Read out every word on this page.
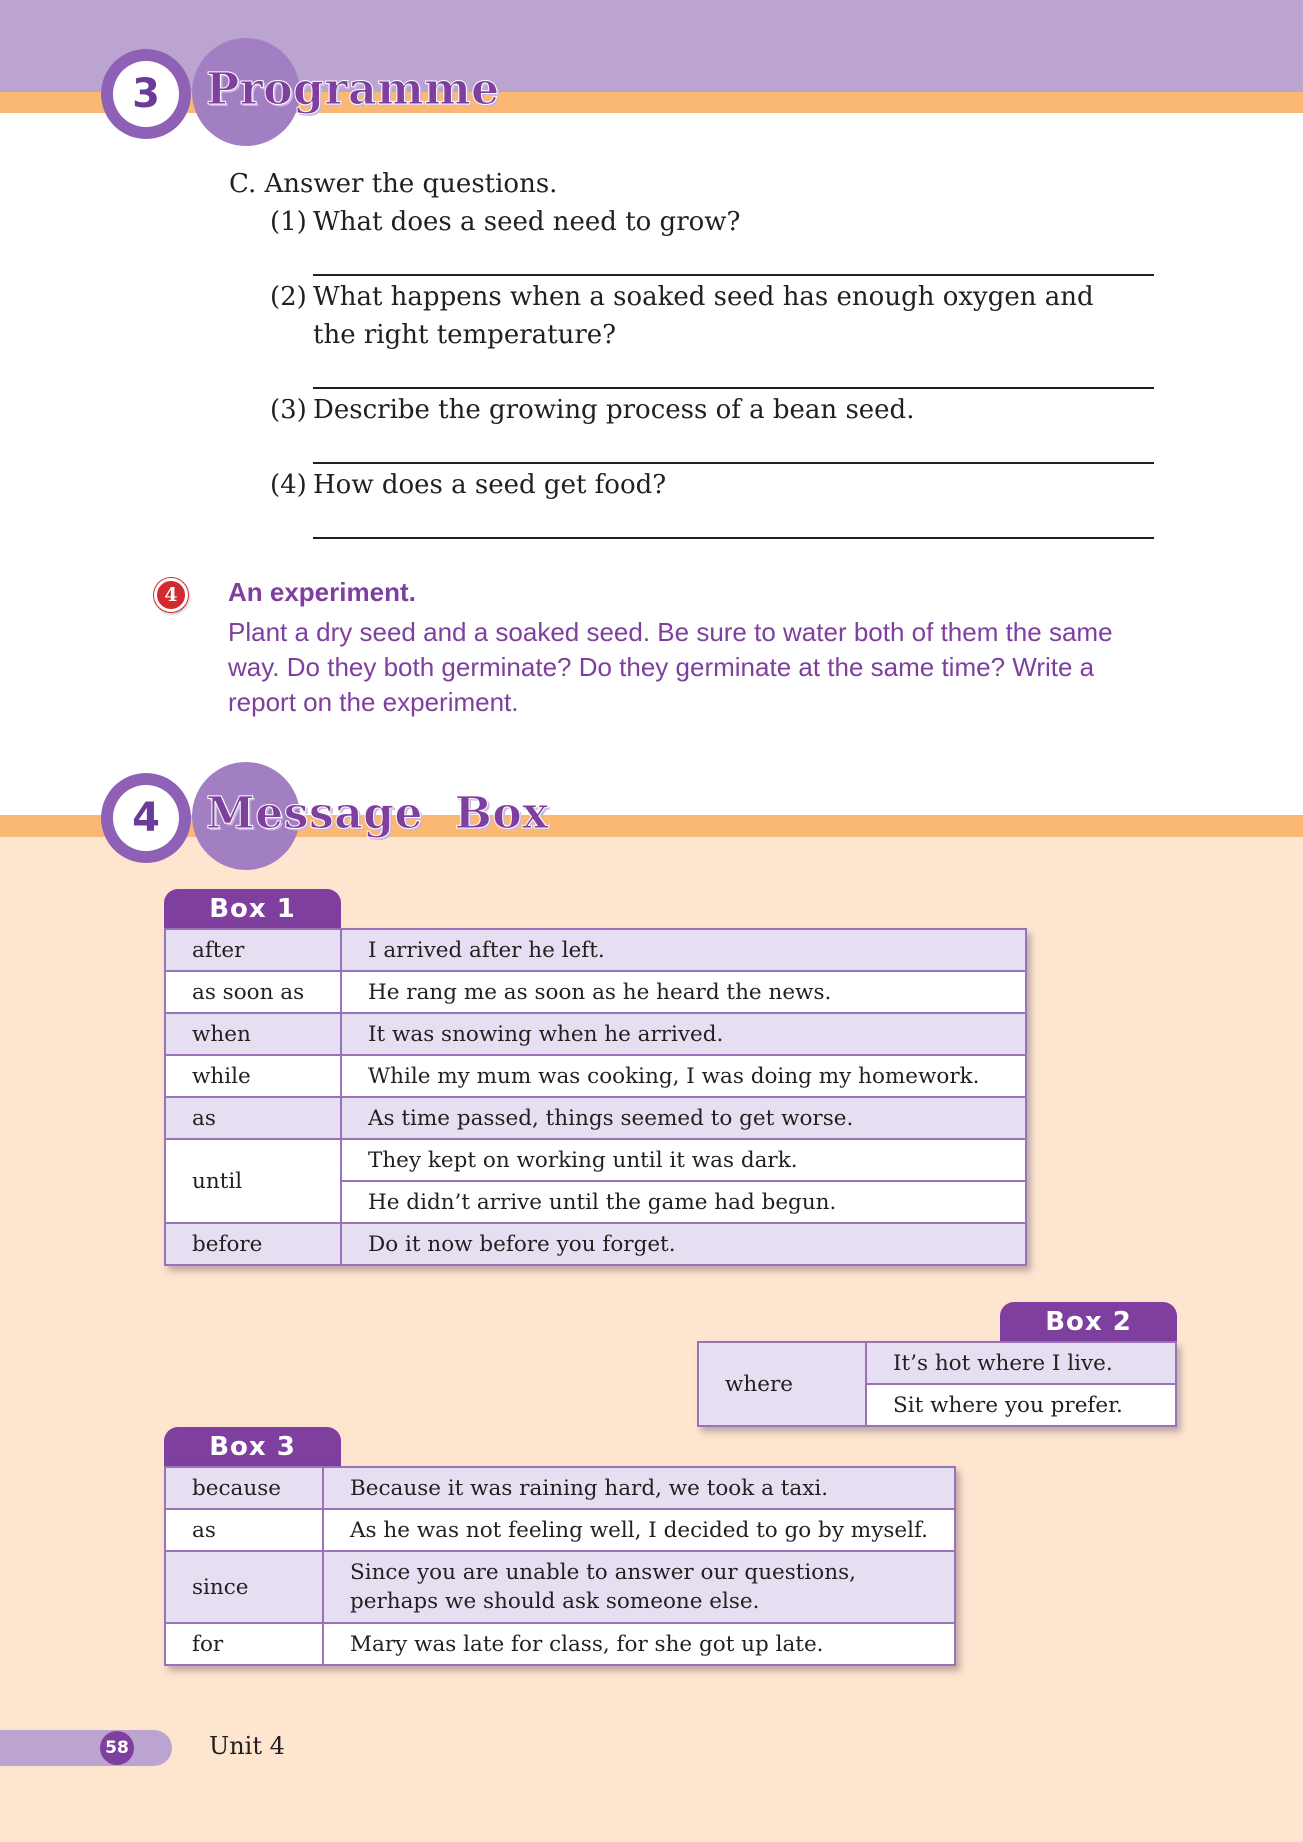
3	Programme
C. Answer the questions.
(1) What does a seed need to grow?
(2) What happens when a soaked seed has enough oxygen and
the right temperature?
(3) Describe the growing process of a bean seed.
(4) How does a seed get food?
4	An experiment.
Plant a dry seed and a soaked seed. Be sure to water both of them the same way. Do they both germinate? Do they germinate at the same time? Write a report on the experiment.
4	Message  Box
Box 1
after	I arrived after he left.
as soon as	He rang me as soon as he heard the news.
when	It was snowing when he arrived.
while	While my mum was cooking, I was doing my homework.
as	As time passed, things seemed to get worse.
until	They kept on working until it was dark.
	He didn’t arrive until the game had begun.
before	Do it now before you forget.
Box 2
where	It’s hot where I live.
Sit where you prefer.
Box 3
because	Because it was raining hard, we took a taxi.
as	As he was not feeling well, I decided to go by myself.
since	Since you are unable to answer our questions, perhaps we should ask someone else.
for	Mary was late for class, for she got up late.
58	Unit 4
